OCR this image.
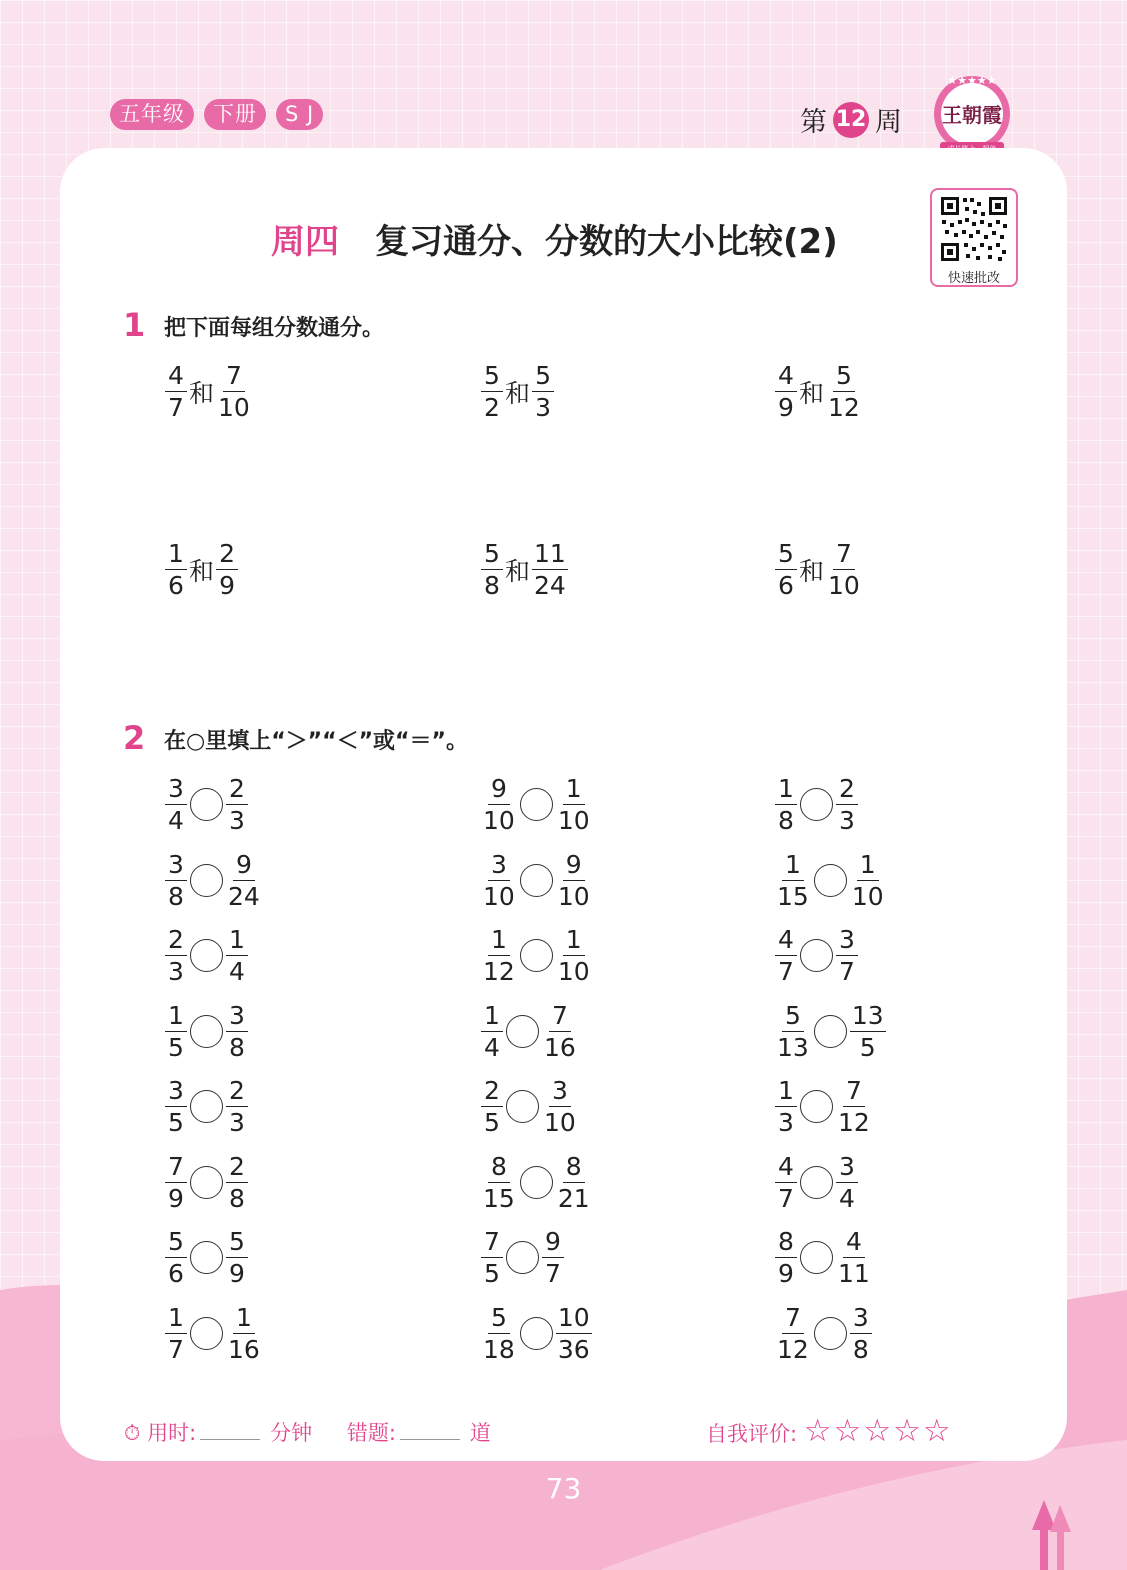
五年级	下册	S J	第 12 周
★★★★★
王朝霞
周四 复习通分、分数的大小比较(2)
快速批改
1 把下面每组分数通分。
$\frac{4}{7}$ 和 $\frac{7}{10}$	$\frac{5}{2}$ 和 $\frac{5}{3}$	$\frac{4}{9}$ 和 $\frac{5}{12}$
$\frac{1}{6}$ 和 $\frac{2}{9}$	$\frac{5}{8}$ 和 $\frac{11}{24}$	$\frac{5}{6}$ 和 $\frac{7}{10}$
2 在○里填上“＞”“＜”或“＝”。
$\frac{3}{4} \frac{2}{3}$	$\frac{9}{10} \frac{1}{10}$	$\frac{1}{8} \frac{2}{3}$
$\frac{3}{8} \frac{9}{24}$	$\frac{3}{10} \frac{9}{10}$	$\frac{1}{15} \frac{1}{10}$
$\frac{2}{3} \frac{1}{4}$	$\frac{1}{12} \frac{1}{10}$	$\frac{4}{7} \frac{3}{7}$
$\frac{1}{5} \frac{3}{8}$	$\frac{1}{4} \frac{7}{16}$	$\frac{5}{13} \frac{13}{5}$
$\frac{3}{5} \frac{2}{3}$	$\frac{2}{5} \frac{3}{10}$	$\frac{1}{3} \frac{7}{12}$
$\frac{7}{9} \frac{2}{8}$	$\frac{8}{15} \frac{8}{21}$	$\frac{4}{7} \frac{3}{4}$
$\frac{5}{6} \frac{5}{9}$	$\frac{7}{5} \frac{9}{7}$	$\frac{8}{9} \frac{4}{11}$
$\frac{1}{7} \frac{1}{16}$	$\frac{5}{18} \frac{10}{36}$	$\frac{7}{12} \frac{3}{8}$
⏱ 用时:	分钟 错题:	道	自我评价: ☆☆☆☆☆
73
